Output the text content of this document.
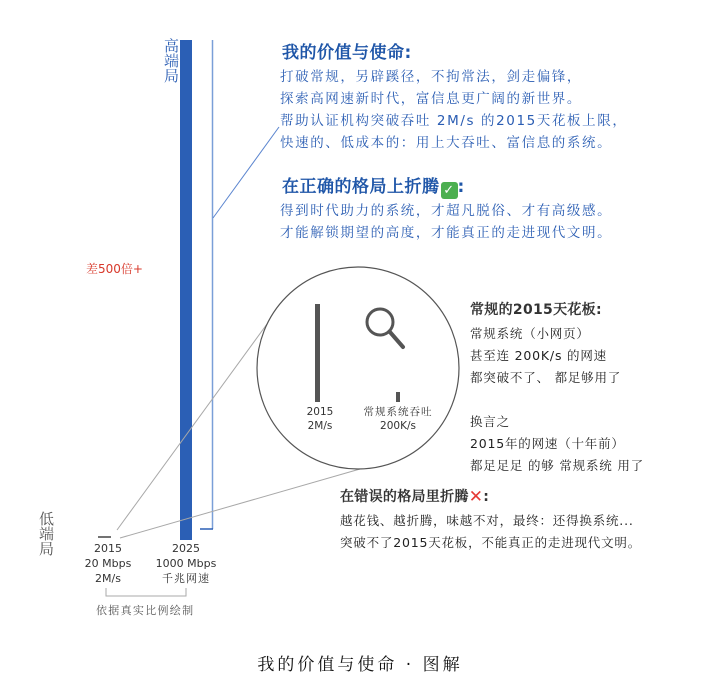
高端局
低端局
差500倍+
我的价值与使命:
打破常规，另辟蹊径，不拘常法，剑走偏锋，
探索高网速新时代，富信息更广阔的新世界。
帮助认证机构突破吞吐 2M/s 的2015天花板上限，
快速的、低成本的：用上大吞吐、富信息的系统。
在正确的格局上折腾 ✓ :
得到时代助力的系统，才超凡脱俗、才有高级感。
才能解锁期望的高度，才能真正的走进现代文明。
常规的2015天花板:
常规系统（小网页）
甚至连 200K/s 的网速
都突破不了、 都足够用了
换言之
2015年的网速（十年前）
都足足足 的够 常规系统 用了
在错误的格局里折腾✕:
越花钱、越折腾，味越不对，最终：还得换系统...
突破不了2015天花板，不能真正的走进现代文明。
2015
2M/s
常规系统吞吐
200K/s
2015
20 Mbps
2M/s
2025
1000 Mbps
千兆网速
依据真实比例绘制
我的价值与使命 · 图解
